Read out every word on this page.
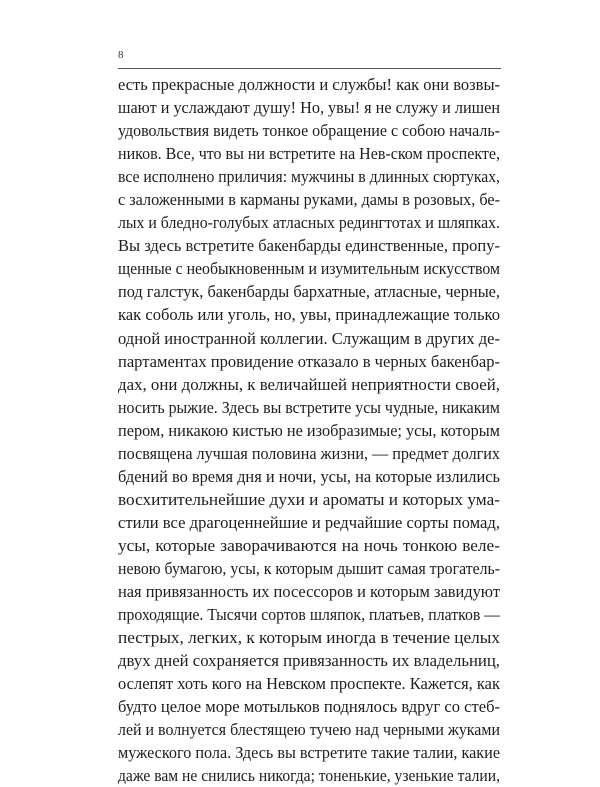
8
есть прекрасные должности и службы! как они возвы-
шают и услаждают душу! Но, увы! я не служу и лишен
удовольствия видеть тонкое обращение с собою началь-
ников. Все, что вы ни встретите на Нев-ском проспекте,
все исполнено приличия: мужчины в длинных сюртуках,
с заложенными в карманы руками, дамы в розовых, бе-
лых и бледно-голубых атласных редингтотах и шляпках.
Вы здесь встретите бакенбарды единственные, пропу-
щенные с необыкновенным и изумительным искусством
под галстук, бакенбарды бархатные, атласные, черные,
как соболь или уголь, но, увы, принадлежащие только
одной иностранной коллегии. Служащим в других де-
партаментах провидение отказало в черных бакенбар-
дах, они должны, к величайшей неприятности своей,
носить рыжие. Здесь вы встретите усы чудные, никаким
пером, никакою кистью не изобразимые; усы, которым
посвящена лучшая половина жизни, — предмет долгих
бдений во время дня и ночи, усы, на которые излились
восхитительнейшие духи и ароматы и которых ума-
стили все драгоценнейшие и редчайшие сорты помад,
усы, которые заворачиваются на ночь тонкою веле-
невою бумагою, усы, к которым дышит самая трогатель-
ная привязанность их посессоров и которым завидуют
проходящие. Тысячи сортов шляпок, платьев, платков —
пестрых, легких, к которым иногда в течение целых
двух дней сохраняется привязанность их владельниц,
ослепят хоть кого на Невском проспекте. Кажется, как
будто целое море мотыльков поднялось вдруг со стеб-
лей и волнуется блестящею тучею над черными жуками
мужеского пола. Здесь вы встретите такие талии, какие
даже вам не снились никогда; тоненькие, узенькие талии,
